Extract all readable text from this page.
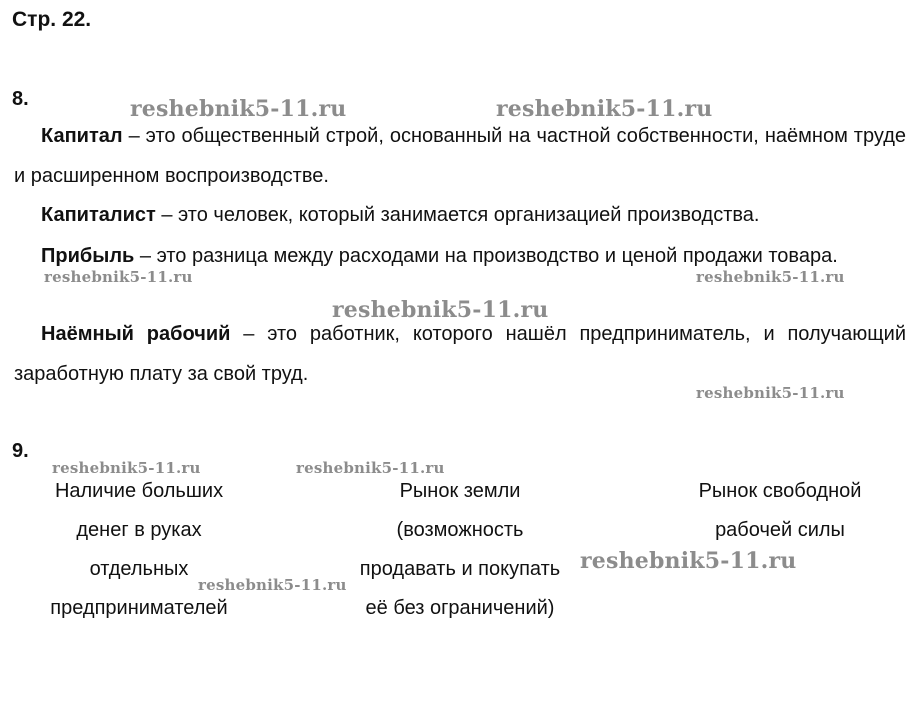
Стр. 22.
8.
Капитал – это общественный строй, основанный на частной собственности, наёмном труде и расширенном воспроизводстве.
Капиталист – это человек, который занимается организацией производства.
Прибыль – это разница между расходами на производство и ценой продажи товара.
Наёмный рабочий – это работник, которого нашёл предприниматель, и получающий заработную плату за свой труд.
9.
Наличие больших
денег в руках
отдельных
предпринимателей
Рынок земли
(возможность
продавать и покупать
её без ограничений)
Рынок свободной
рабочей силы
reshebnik5-11.ru	reshebnik5-11.ru
reshebnik5-11.ru	reshebnik5-11.ru
reshebnik5-11.ru
reshebnik5-11.ru
reshebnik5-11.ru	reshebnik5-11.ru
reshebnik5-11.ru
reshebnik5-11.ru
